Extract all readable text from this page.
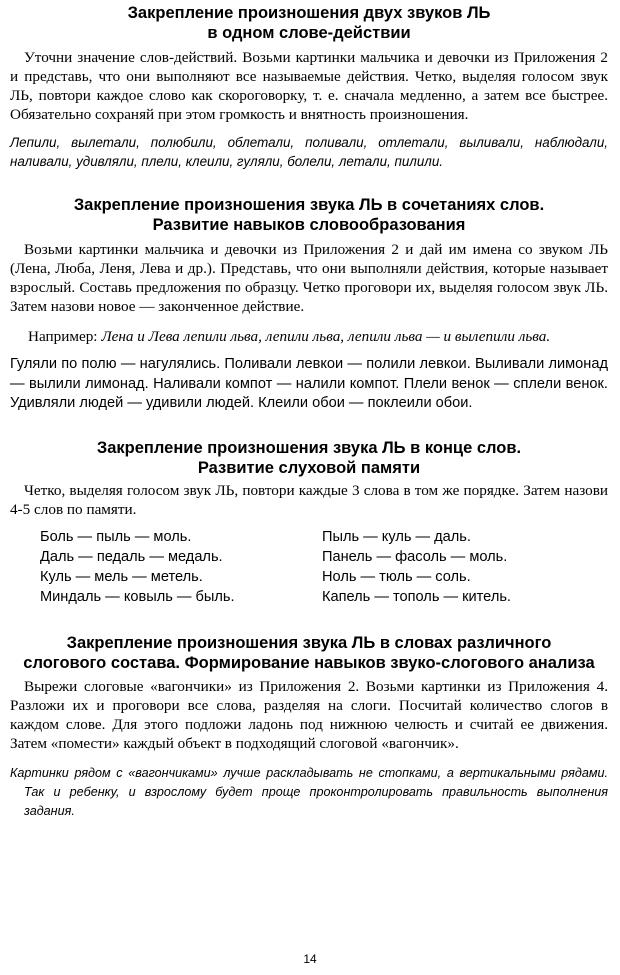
Закрепление произношения двух звуков ЛЬ
в одном слове-действии

Уточни значение слов-действий. Возьми картинки мальчика и девочки из Приложения 2 и представь, что они выполняют все называемые действия. Четко, выделяя голосом звук ЛЬ, повтори каждое слово как скороговорку, т. е. сначала медленно, а затем все быстрее. Обязательно сохраняй при этом громкость и внятность произношения.

Лепили, вылетали, полюбили, облетали, поливали, отлетали, выливали, наблюдали, наливали, удивляли, плели, клеили, гуляли, болели, летали, пилили.

Закрепление произношения звука ЛЬ в сочетаниях слов.
Развитие навыков словообразования

Возьми картинки мальчика и девочки из Приложения 2 и дай им имена со звуком ЛЬ (Лена, Люба, Леня, Лева и др.). Представь, что они выполняли действия, которые называет взрослый. Составь предложения по образцу. Четко проговори их, выделяя голосом звук ЛЬ. Затем назови новое — законченное действие.

Например: Лена и Лева лепили льва, лепили льва, лепили льва — и вылепили льва.

Гуляли по полю — нагулялись. Поливали левкои — полили левкои. Выливали лимонад — вылили лимонад. Наливали компот — налили компот. Плели венок — сплели венок. Удивляли людей — удивили людей. Клеили обои — поклеили обои.

Закрепление произношения звука ЛЬ в конце слов.
Развитие слуховой памяти

Четко, выделяя голосом звук ЛЬ, повтори каждые 3 слова в том же порядке. Затем назови 4-5 слов по памяти.

Боль — пыль — моль.
Даль — педаль — медаль.
Куль — мель — метель.
Миндаль — ковыль — быль.
Пыль — куль — даль.
Панель — фасоль — моль.
Ноль — тюль — соль.
Капель — тополь — китель.
Закрепление произношения звука ЛЬ в словах различного
слогового состава. Формирование навыков звуко-слогового анализа

Вырежи слоговые «вагончики» из Приложения 2. Возьми картинки из Приложения 4. Разложи их и проговори все слова, разделяя на слоги. Посчитай количество слогов в каждом слове. Для этого подложи ладонь под нижнюю челюсть и считай ее движения. Затем «помести» каждый объект в подходящий слоговой «вагончик».

Картинки рядом с «вагончиками» лучше раскладывать не стопками, а вертикальными рядами. Так и ребенку, и взрослому будет проще проконтролировать правильность выполнения задания.

14
